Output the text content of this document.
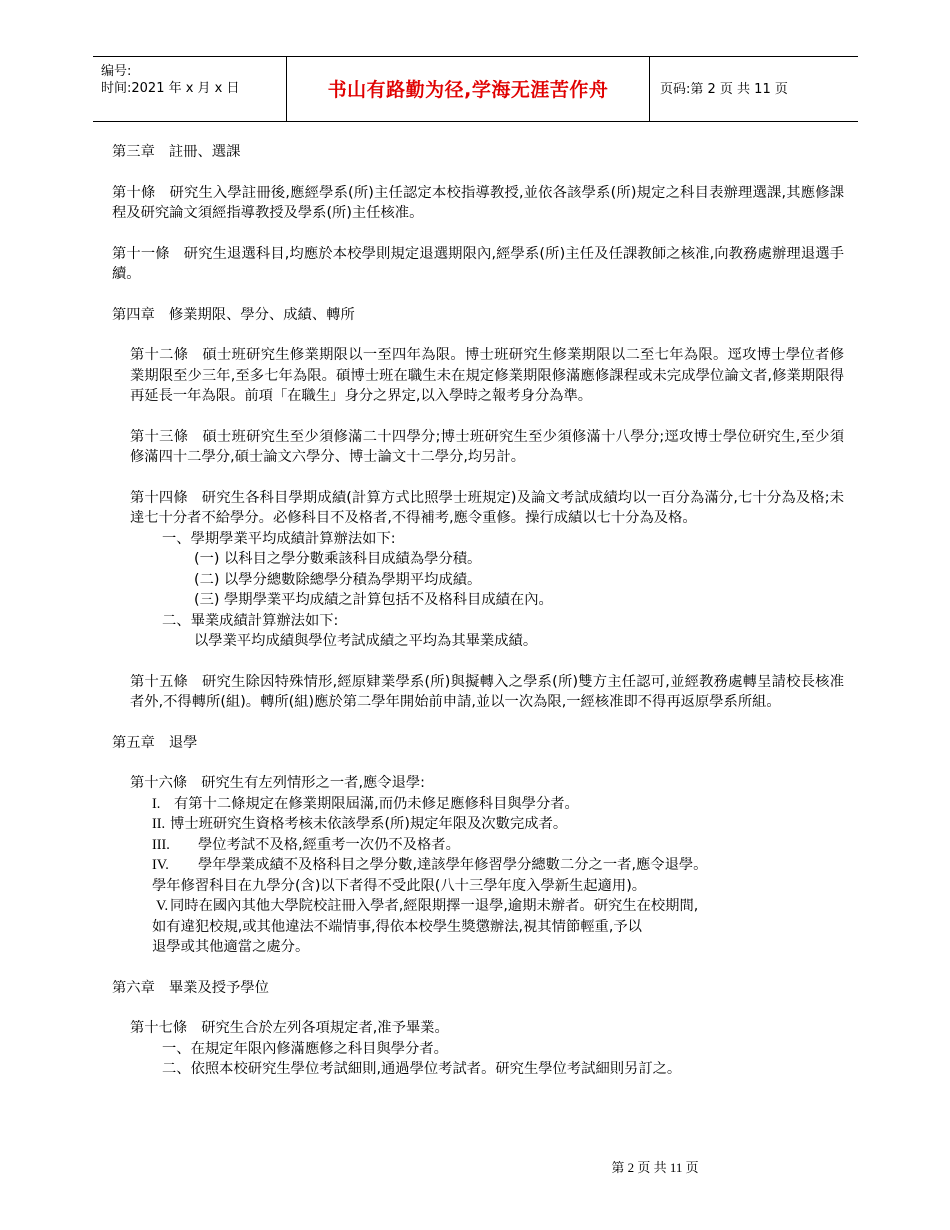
编号:
时间:2021 年 x 月 x 日	书山有路勤为径,学海无涯苦作舟	页码:第 2 页 共 11 页
第三章 註冊、選課

第十條 研究生入學註冊後,應經學系(所)主任認定本校指導教授,並依各該學系(所)規定之科目表辦理選課,其應修課程及研究論文須經指導教授及學系(所)主任核准。

第十一條 研究生退選科目,均應於本校學則規定退選期限內,經學系(所)主任及任課教師之核准,向教務處辦理退選手續。

第四章 修業期限、學分、成績、轉所

第十二條 碩士班研究生修業期限以一至四年為限。博士班研究生修業期限以二至七年為限。逕攻博士學位者修業期限至少三年,至多七年為限。碩博士班在職生未在規定修業期限修滿應修課程或未完成學位論文者,修業期限得再延長一年為限。前項「在職生」身分之界定,以入學時之報考身分為準。

第十三條 碩士班研究生至少須修滿二十四學分;博士班研究生至少須修滿十八學分;逕攻博士學位研究生,至少須修滿四十二學分,碩士論文六學分、博士論文十二學分,均另計。

第十四條 研究生各科目學期成績(計算方式比照學士班規定)及論文考試成績均以一百分為滿分,七十分為及格;未達七十分者不給學分。必修科目不及格者,不得補考,應令重修。操行成績以七十分為及格。

一、學期學業平均成績計算辦法如下:
(一) 以科目之學分數乘該科目成績為學分積。
(二) 以學分總數除總學分積為學期平均成績。
(三) 學期學業平均成績之計算包括不及格科目成績在內。
二、畢業成績計算辦法如下:
以學業平均成績與學位考試成績之平均為其畢業成績。

第十五條 研究生除因特殊情形,經原肄業學系(所)與擬轉入之學系(所)雙方主任認可,並經教務處轉呈請校長核准者外,不得轉所(組)。轉所(組)應於第二學年開始前申請,並以一次為限,一經核准即不得再返原學系所組。

第五章 退學

第十六條 研究生有左列情形之一者,應令退學:

I. 有第十二條規定在修業期限屆滿,而仍未修足應修科目與學分者。
II. 博士班研究生資格考核未依該學系(所)規定年限及次數完成者。
III. 學位考試不及格,經重考一次仍不及格者。
IV. 學年學業成績不及格科目之學分數,達該學年修習學分總數二分之一者,應令退學。
學年修習科目在九學分(含)以下者得不受此限(八十三學年度入學新生起適用)。
V. 同時在國內其他大學院校註冊入學者,經限期擇一退學,逾期未辦者。研究生在校期間,
如有違犯校規,或其他違法不端情事,得依本校學生獎懲辦法,視其情節輕重,予以
退學或其他適當之處分。
第六章 畢業及授予學位

第十七條 研究生合於左列各項規定者,准予畢業。

一、在規定年限內修滿應修之科目與學分者。
二、依照本校研究生學位考試細則,通過學位考試者。研究生學位考試細則另訂之。
第 2 页 共 11 页
